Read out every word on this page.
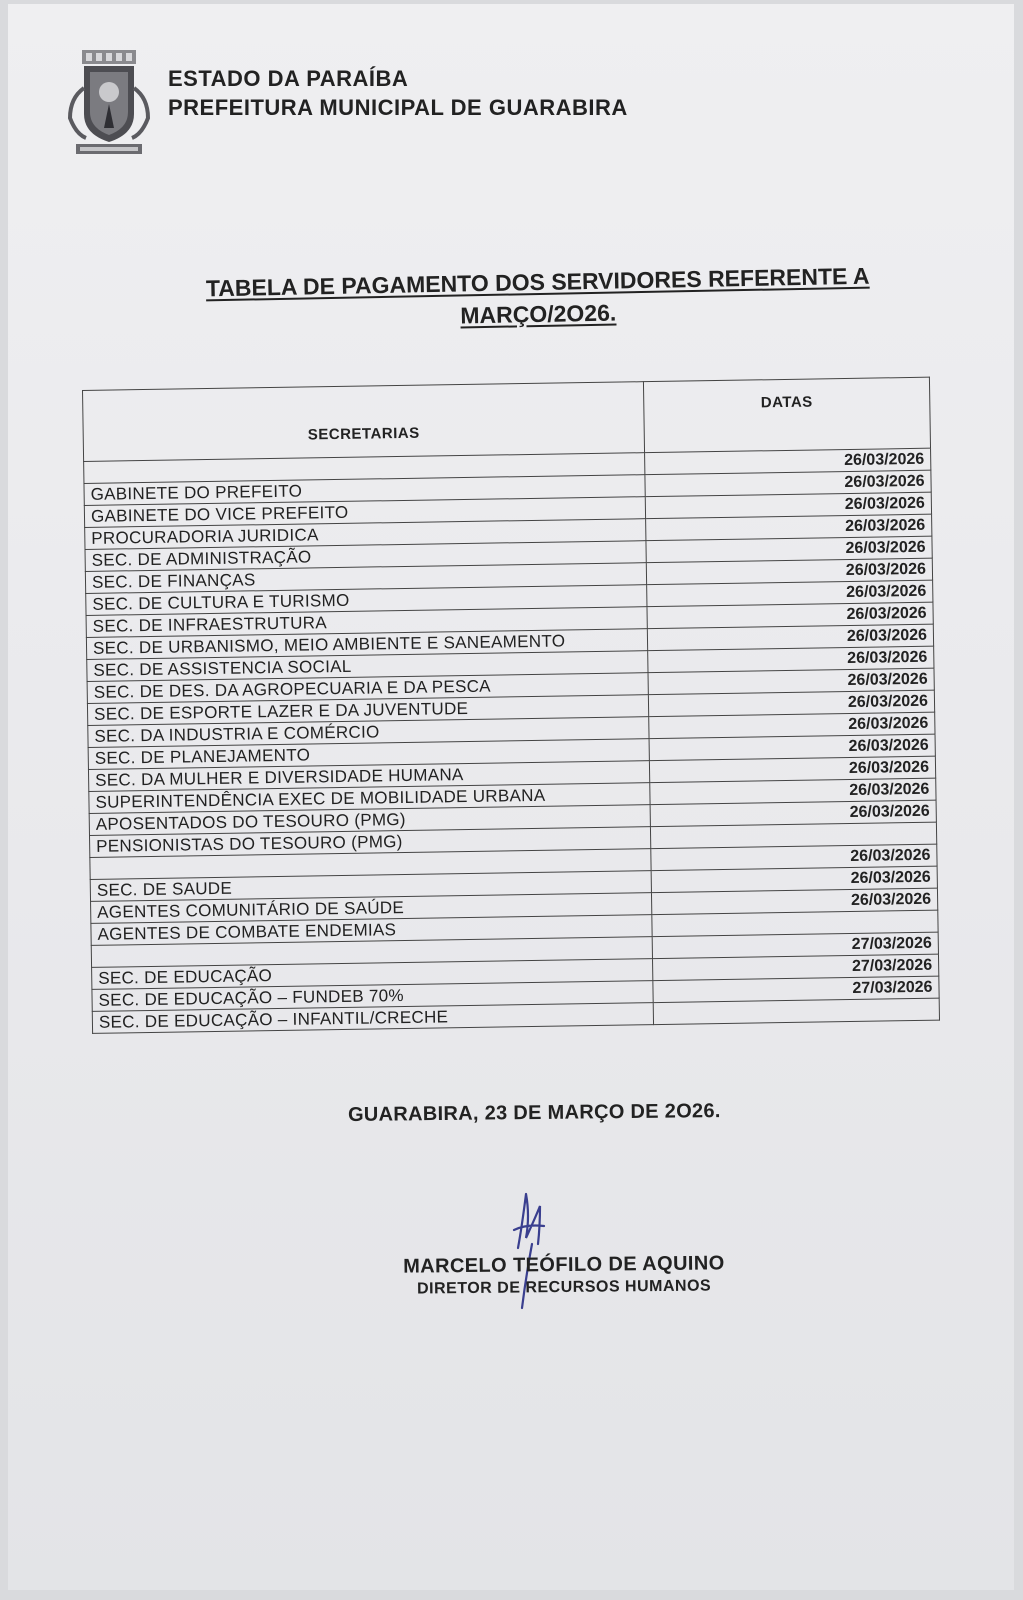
ESTADO DA PARAÍBA
PREFEITURA MUNICIPAL DE GUARABIRA
TABELA DE PAGAMENTO DOS SERVIDORES REFERENTE A
MARÇO/2O26.
SECRETARIAS	DATAS
	26/03/2026
GABINETE DO PREFEITO	26/03/2026
GABINETE DO VICE PREFEITO	26/03/2026
PROCURADORIA JURIDICA	26/03/2026
SEC. DE ADMINISTRAÇÃO	26/03/2026
SEC. DE FINANÇAS	26/03/2026
SEC. DE CULTURA E TURISMO	26/03/2026
SEC. DE INFRAESTRUTURA	26/03/2026
SEC. DE URBANISMO, MEIO AMBIENTE E SANEAMENTO	26/03/2026
SEC. DE ASSISTENCIA SOCIAL	26/03/2026
SEC. DE DES. DA AGROPECUARIA E DA PESCA	26/03/2026
SEC. DE ESPORTE LAZER E DA JUVENTUDE	26/03/2026
SEC. DA INDUSTRIA E COMÉRCIO	26/03/2026
SEC. DE PLANEJAMENTO	26/03/2026
SEC. DA MULHER E DIVERSIDADE HUMANA	26/03/2026
SUPERINTENDÊNCIA EXEC DE MOBILIDADE URBANA	26/03/2026
APOSENTADOS DO TESOURO (PMG)	26/03/2026
PENSIONISTAS DO TESOURO (PMG)	
	26/03/2026
SEC. DE SAUDE	26/03/2026
AGENTES COMUNITÁRIO DE SAÚDE	26/03/2026
AGENTES DE COMBATE ENDEMIAS	
	27/03/2026
SEC. DE EDUCAÇÃO	27/03/2026
SEC. DE EDUCAÇÃO – FUNDEB 70%	27/03/2026
SEC. DE EDUCAÇÃO – INFANTIL/CRECHE	
GUARABIRA, 23 DE MARÇO DE 2O26.
MARCELO TEÓFILO DE AQUINO
DIRETOR DE RECURSOS HUMANOS
